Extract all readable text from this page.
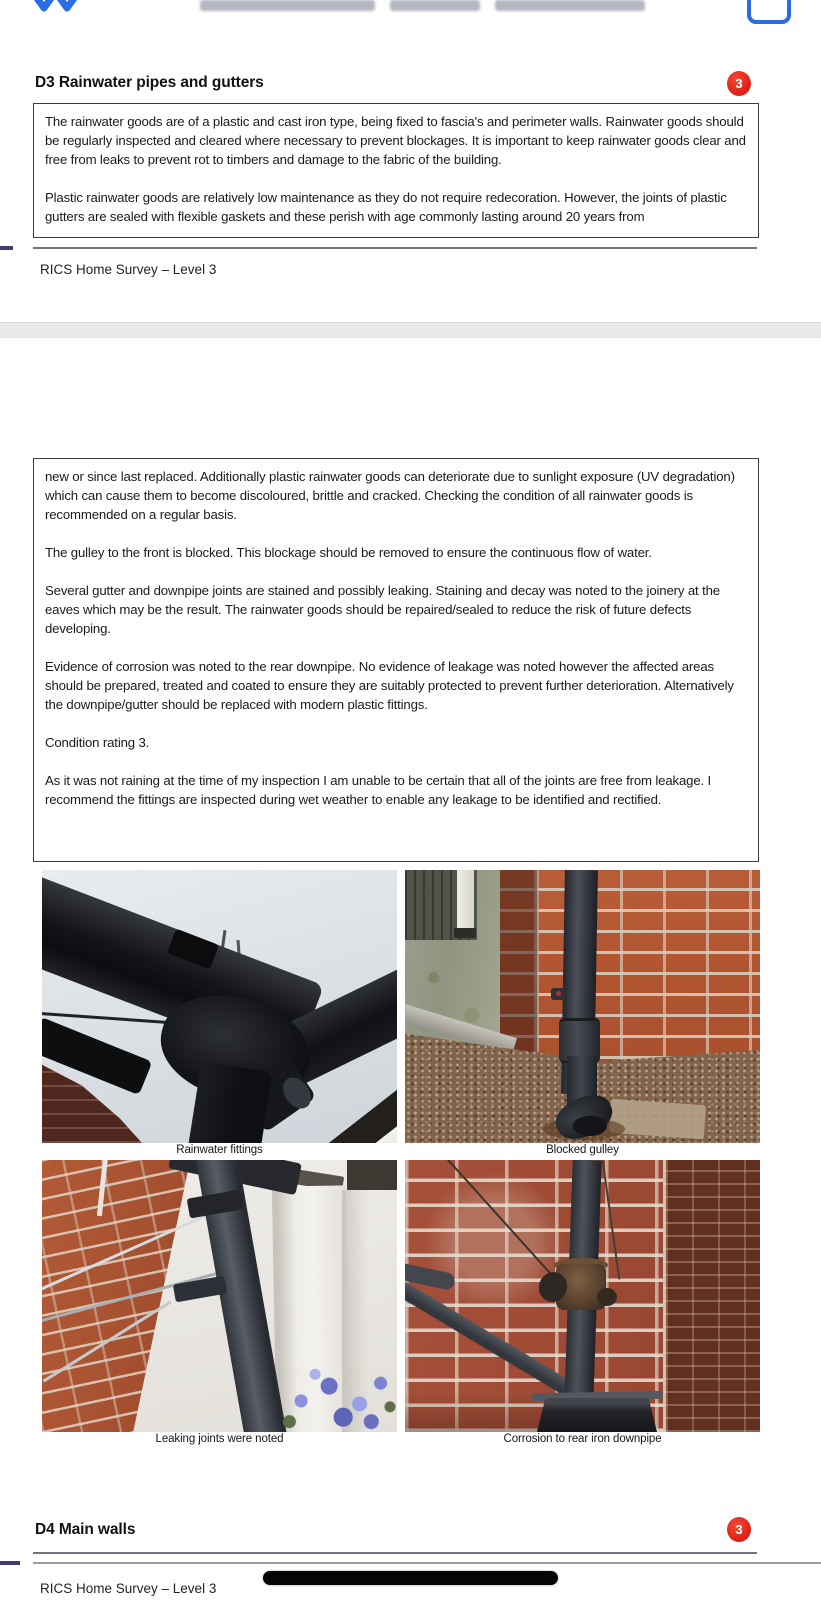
D3 Rainwater pipes and gutters	3

The rainwater goods are of a plastic and cast iron type, being fixed to fascia's and perimeter walls. Rainwater goods should be regularly inspected and cleared where necessary to prevent blockages. It is important to keep rainwater goods clear and free from leaks to prevent rot to timbers and damage to the fabric of the building.

Plastic rainwater goods are relatively low maintenance as they do not require redecoration. However, the joints of plastic gutters are sealed with flexible gaskets and these perish with age commonly lasting around 20 years from

RICS Home Survey – Level 3

new or since last replaced. Additionally plastic rainwater goods can deteriorate due to sunlight exposure (UV degradation) which can cause them to become discoloured, brittle and cracked. Checking the condition of all rainwater goods is recommended on a regular basis.

The gulley to the front is blocked. This blockage should be removed to ensure the continuous flow of water.

Several gutter and downpipe joints are stained and possibly leaking. Staining and decay was noted to the joinery at the eaves which may be the result. The rainwater goods should be repaired/sealed to reduce the risk of future defects developing.

Evidence of corrosion was noted to the rear downpipe. No evidence of leakage was noted however the affected areas should be prepared, treated and coated to ensure they are suitably protected to prevent further deterioration. Alternatively the downpipe/gutter should be replaced with modern plastic fittings.

Condition rating 3.

As it was not raining at the time of my inspection I am unable to be certain that all of the joints are free from leakage. I recommend the fittings are inspected during wet weather to enable any leakage to be identified and rectified.

Rainwater fittings	Blocked gulley
Leaking joints were noted	Corrosion to rear iron downpipe
D4 Main walls	3
RICS Home Survey – Level 3
